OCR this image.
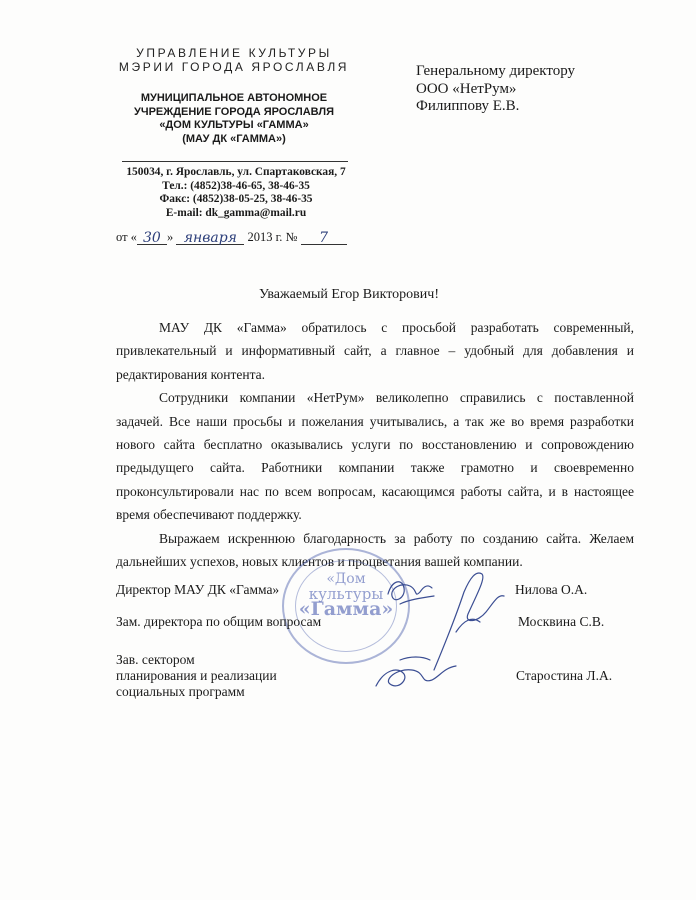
УПРАВЛЕНИЕ КУЛЬТУРЫ
МЭРИИ ГОРОДА ЯРОСЛАВЛЯ
МУНИЦИПАЛЬНОЕ АВТОНОМНОЕ
УЧРЕЖДЕНИЕ ГОРОДА ЯРОСЛАВЛЯ
«ДОМ КУЛЬТУРЫ «ГАММА»
(МАУ ДК «ГАММА»)
150034, г. Ярославль, ул. Спартаковская, 7
Тел.: (4852)38-46-65, 38-46-35
Факс: (4852)38-05-25, 38-46-35
E-mail: dk_gamma@mail.ru
от « 30 » января 2013 г. № 7
Генеральному директору
ООО «НетРум»
Филиппову Е.В.
Уважаемый Егор Викторович!

МАУ ДК «Гамма» обратилось с просьбой разработать современный, привлекательный и информативный сайт, а главное – удобный для добавления и редактирования контента.

Сотрудники компании «НетРум» великолепно справились с поставленной задачей. Все наши просьбы и пожелания учитывались, а так же во время разработки нового сайта бесплатно оказывались услуги по восстановлению и сопровождению предыдущего сайта. Работники компании также грамотно и своевременно проконсультировали нас по всем вопросам, касающимся работы сайта, и в настоящее время обеспечивают поддержку.

Выражаем искреннюю благодарность за работу по созданию сайта. Желаем дальнейших успехов, новых клиентов и процветания вашей компании.

«Дом
культуры
«Гамма»
Директор МАУ ДК «Гамма»	Нилова О.А.
Зам. директора по общим вопросам	Москвина С.В.
Зав. сектором
планирования и реализации
социальных программ
Старостина Л.А.
